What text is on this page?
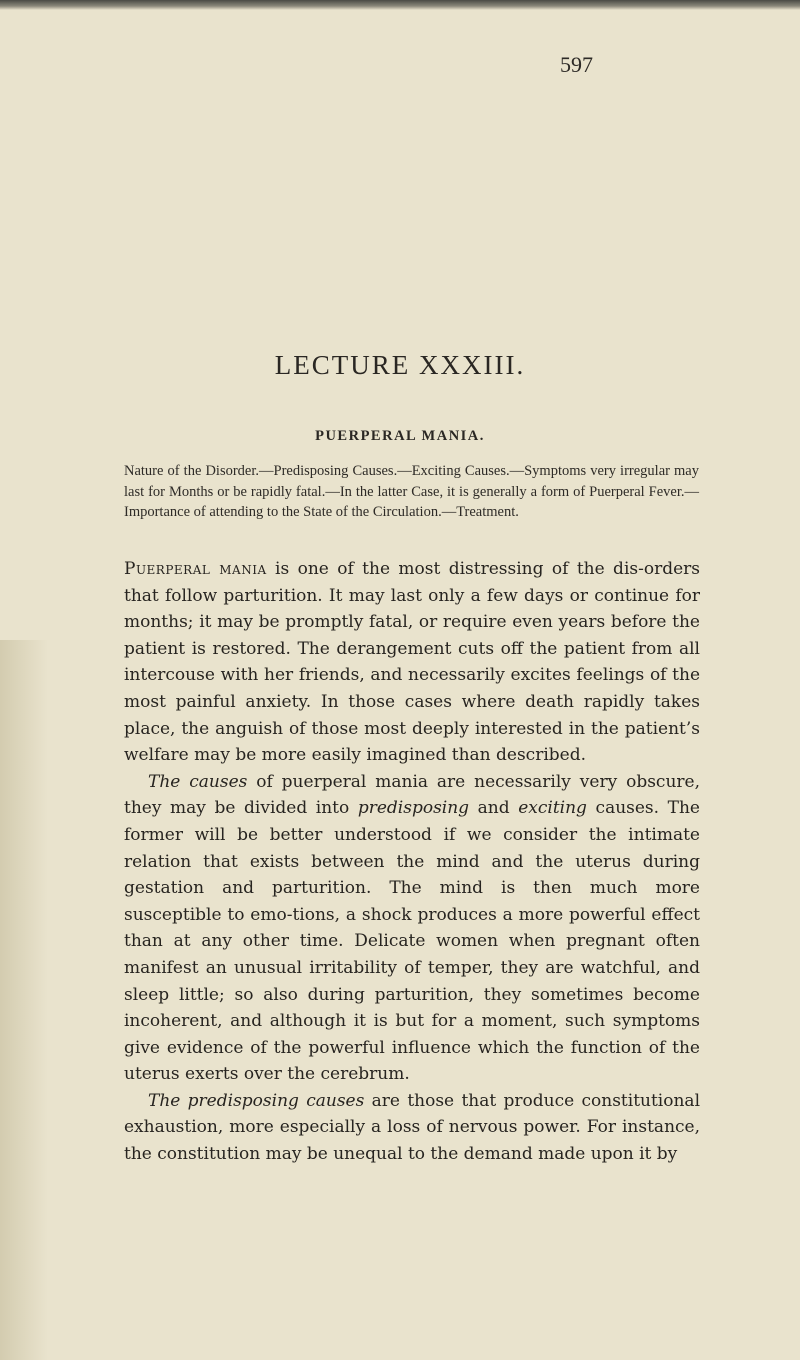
597
LECTURE XXXIII.
PUERPERAL MANIA.

Nature of the Disorder.—Predisposing Causes.—Exciting Causes.—Symptoms very irregular may last for Months or be rapidly fatal.—In the latter Case, it is generally a form of Puerperal Fever.—Importance of attending to the State of the Circulation.—Treatment.

Puerperal mania is one of the most distressing of the dis-orders that follow parturition. It may last only a few days or continue for months; it may be promptly fatal, or require even years before the patient is restored. The derangement cuts off the patient from all intercouse with her friends, and necessarily excites feelings of the most painful anxiety. In those cases where death rapidly takes place, the anguish of those most deeply interested in the patient’s welfare may be more easily imagined than described.

The causes of puerperal mania are necessarily very obscure, they may be divided into predisposing and exciting causes. The former will be better understood if we consider the intimate relation that exists between the mind and the uterus during gestation and parturition. The mind is then much more susceptible to emo-tions, a shock produces a more powerful effect than at any other time. Delicate women when pregnant often manifest an unusual irritability of temper, they are watchful, and sleep little; so also during parturition, they sometimes become incoherent, and although it is but for a moment, such symptoms give evidence of the powerful influence which the function of the uterus exerts over the cerebrum.

The predisposing causes are those that produce constitutional exhaustion, more especially a loss of nervous power. For instance, the constitution may be unequal to the demand made upon it by
